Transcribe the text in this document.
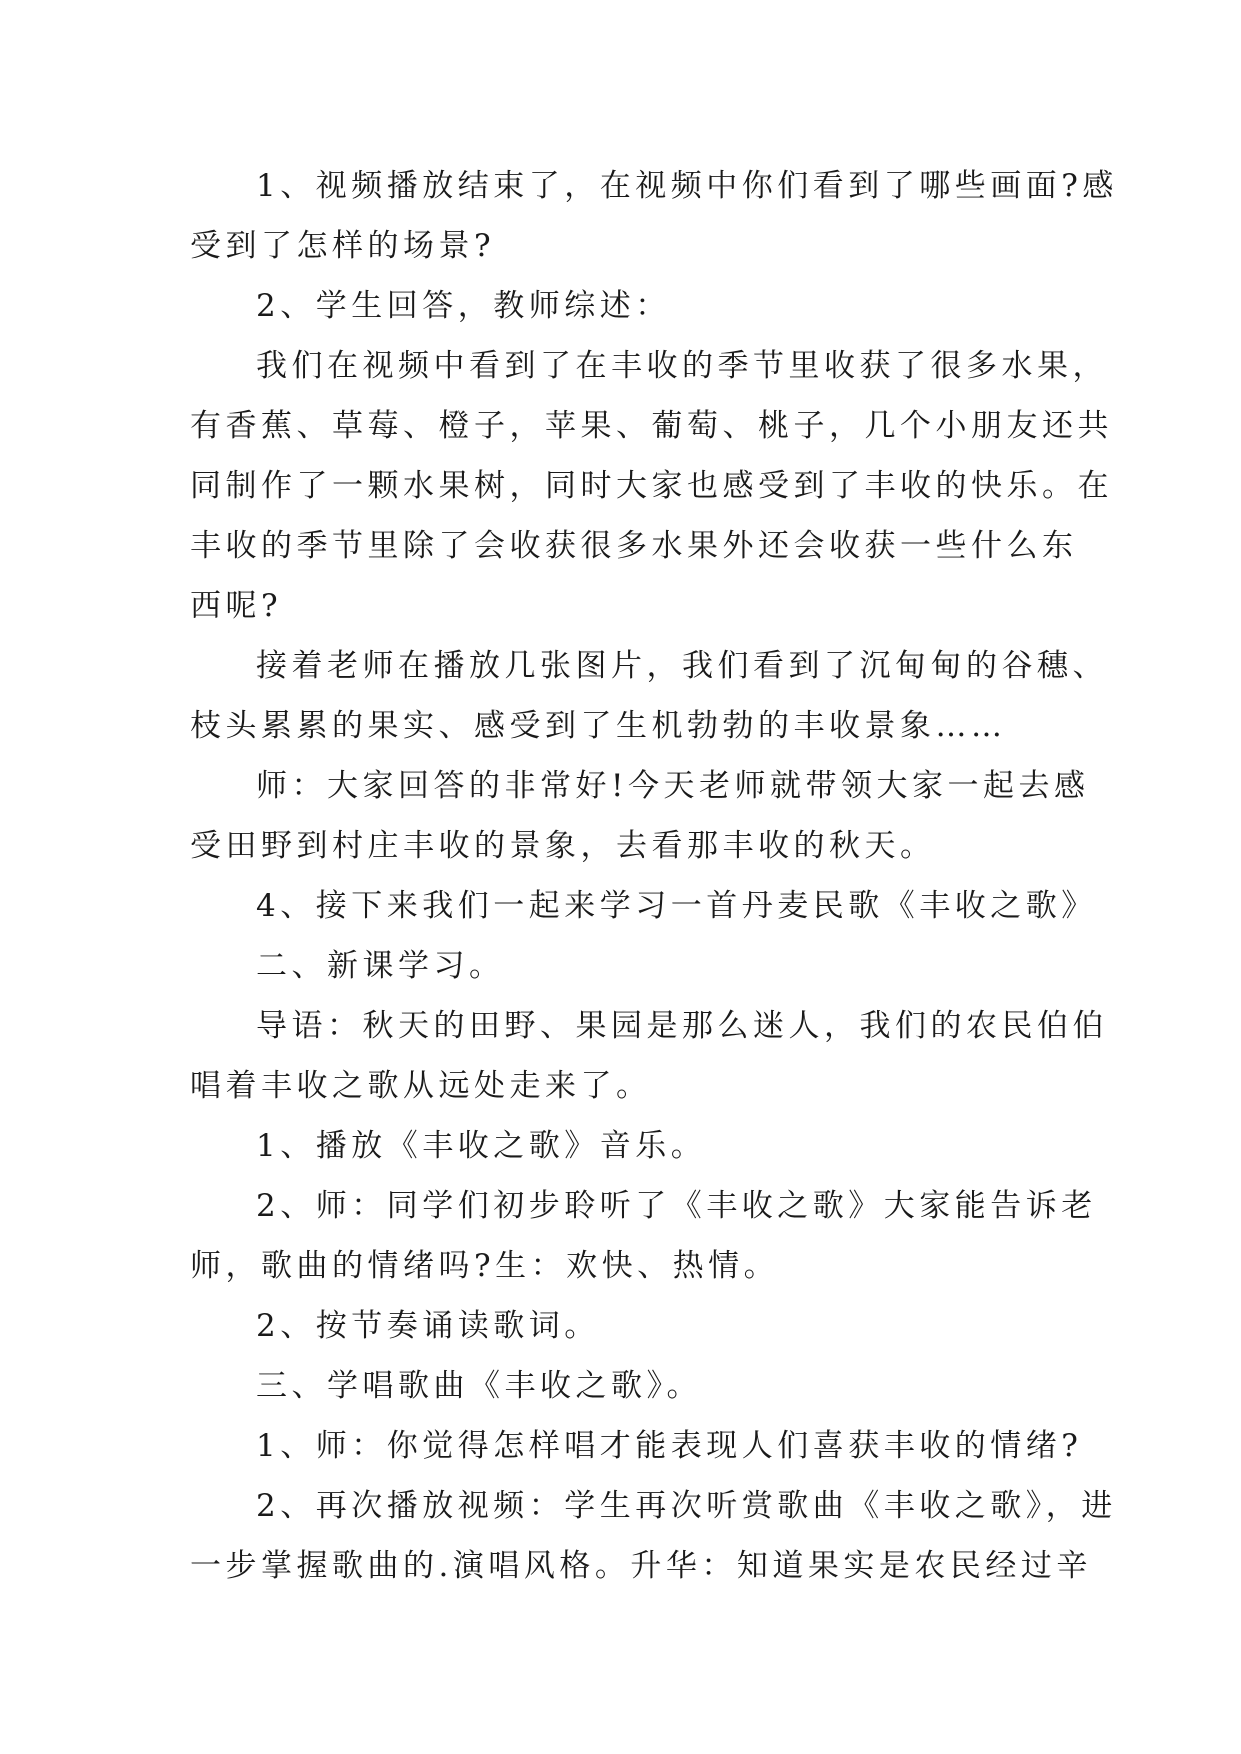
1、视频播放结束了，在视频中你们看到了哪些画面?感
受到了怎样的场景?
2、学生回答，教师综述：
我们在视频中看到了在丰收的季节里收获了很多水果，
有香蕉、草莓、橙子，苹果、葡萄、桃子，几个小朋友还共
同制作了一颗水果树，同时大家也感受到了丰收的快乐。在
丰收的季节里除了会收获很多水果外还会收获一些什么东
西呢?
接着老师在播放几张图片，我们看到了沉甸甸的谷穗、
枝头累累的果实、感受到了生机勃勃的丰收景象……
师：大家回答的非常好!今天老师就带领大家一起去感
受田野到村庄丰收的景象，去看那丰收的秋天。
4、接下来我们一起来学习一首丹麦民歌《丰收之歌》
二、新课学习。
导语：秋天的田野、果园是那么迷人，我们的农民伯伯
唱着丰收之歌从远处走来了。
1、播放《丰收之歌》音乐。
2、师：同学们初步聆听了《丰收之歌》大家能告诉老
师，歌曲的情绪吗?生：欢快、热情。
2、按节奏诵读歌词。
三、学唱歌曲《丰收之歌》。
1、师：你觉得怎样唱才能表现人们喜获丰收的情绪?
2、再次播放视频：学生再次听赏歌曲《丰收之歌》，进
一步掌握歌曲的.演唱风格。升华：知道果实是农民经过辛
